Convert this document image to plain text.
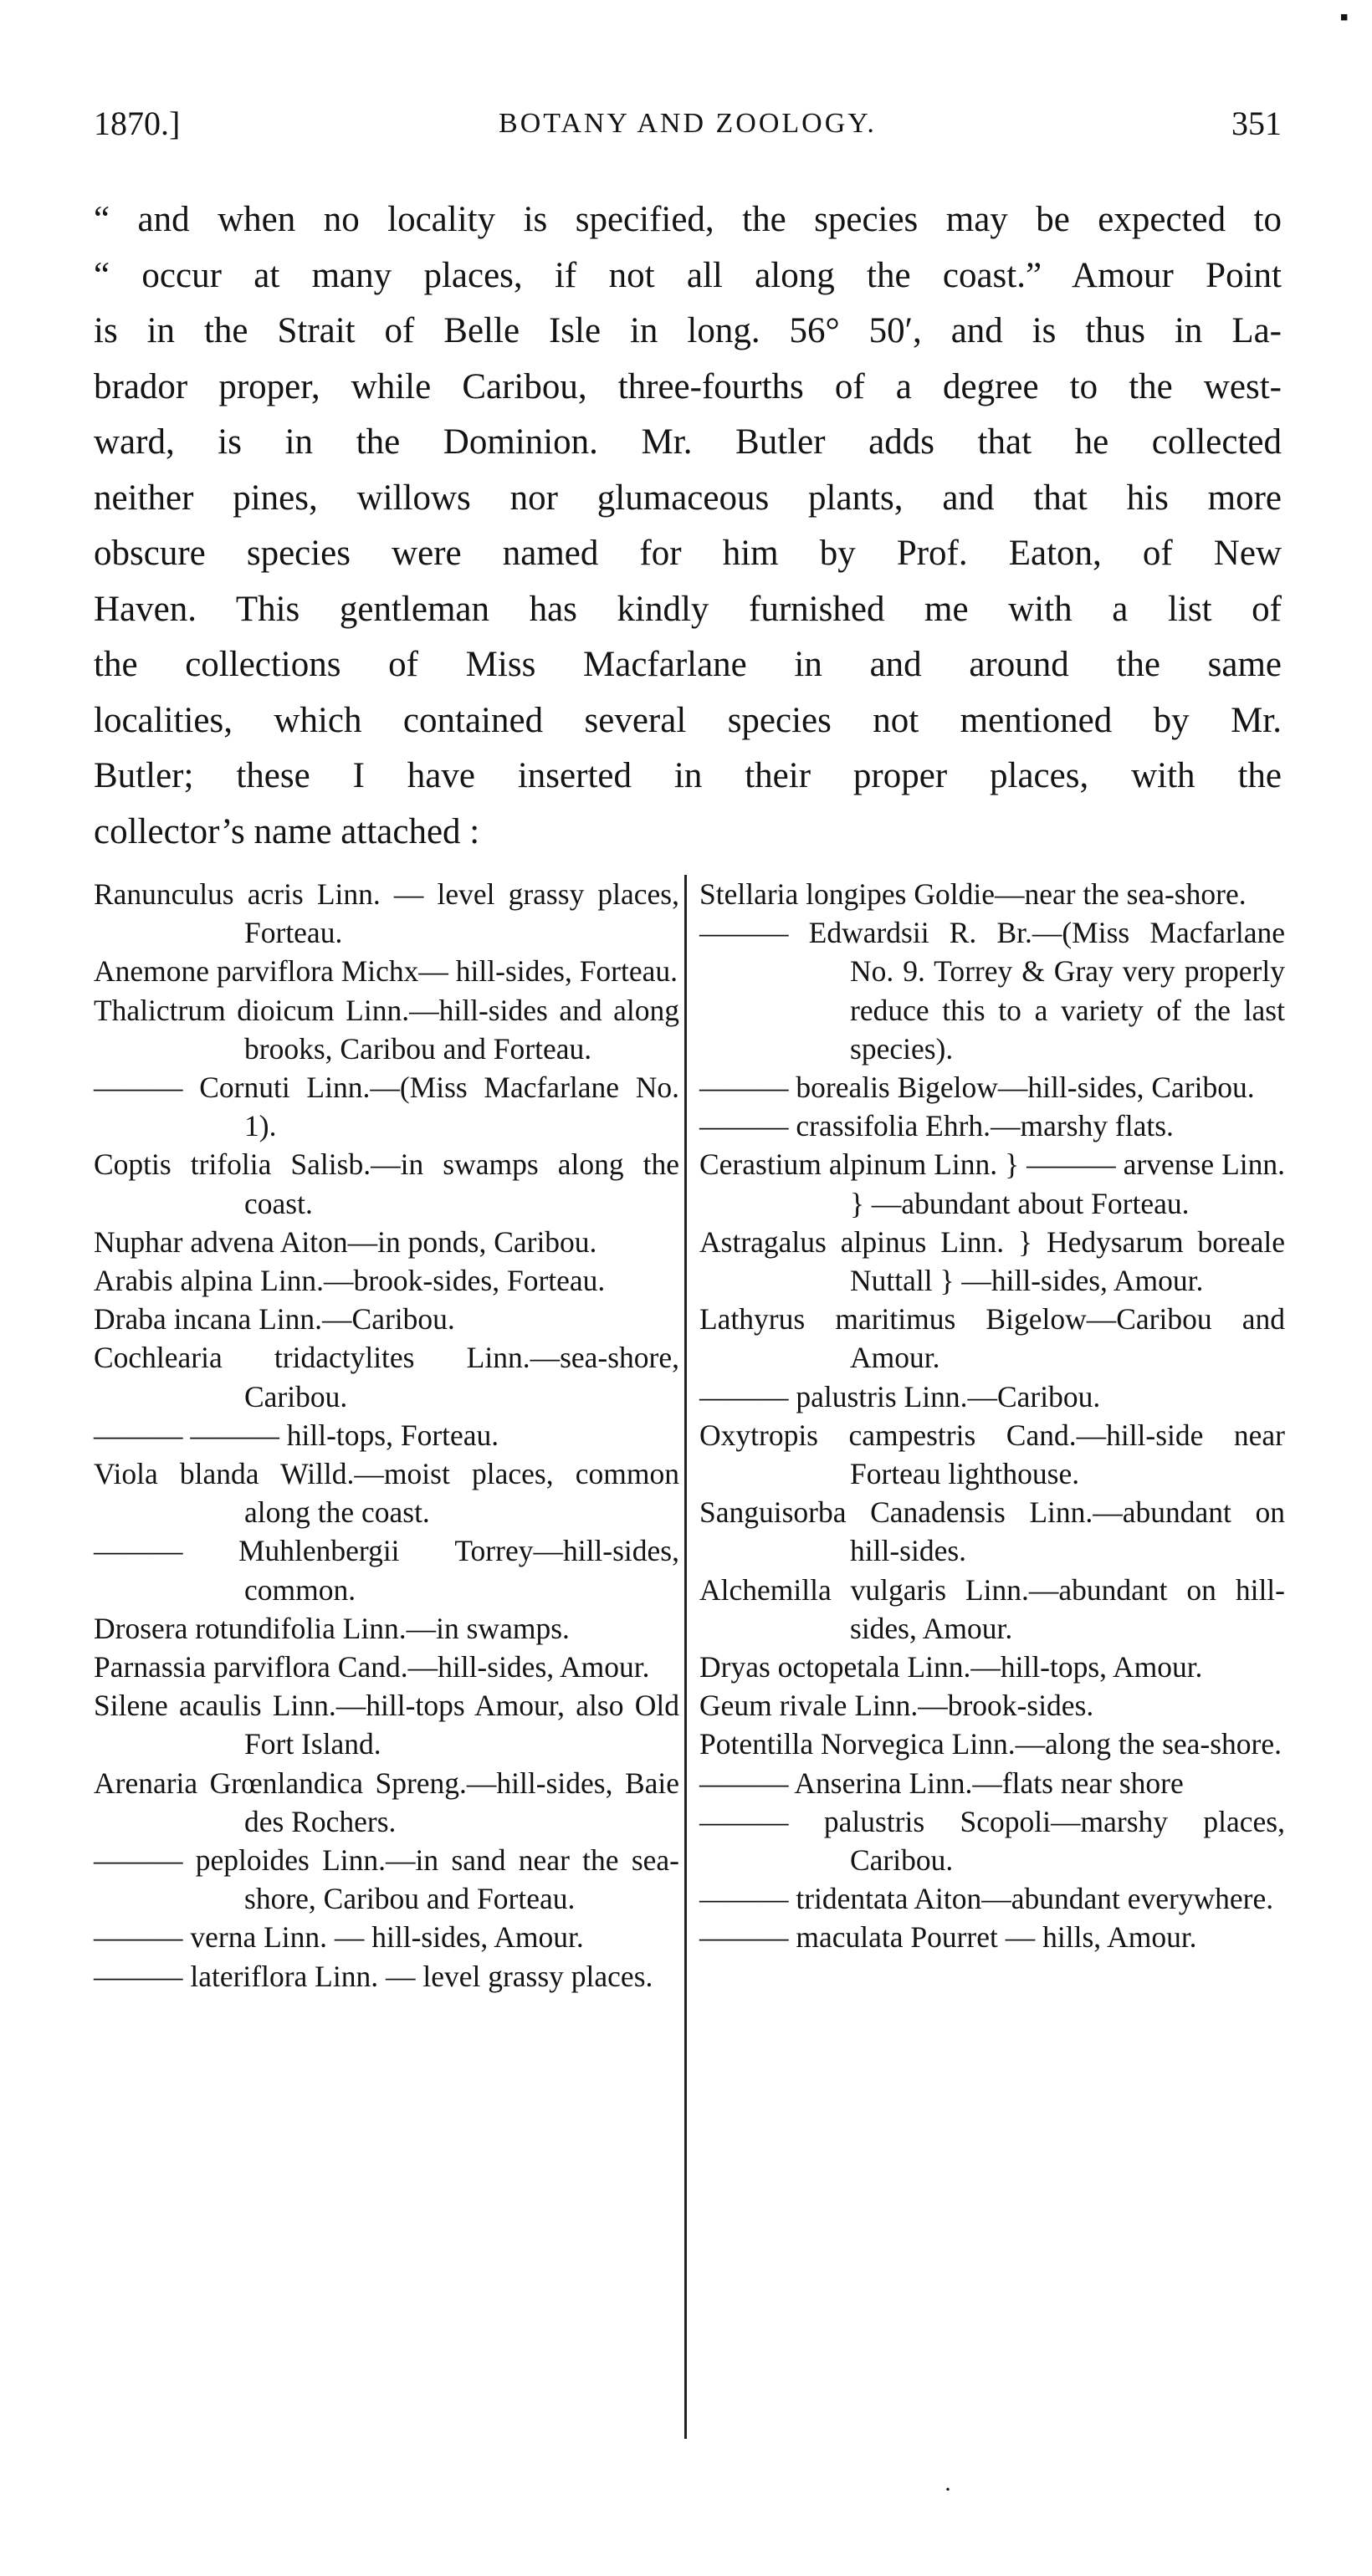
▪
1870.]	BOTANY AND ZOOLOGY.	351
“ and when no locality is specified, the species may be expected to
“ occur at many places, if not all along the coast.” Amour Point
is in the Strait of Belle Isle in long. 56° 50′, and is thus in La-
brador proper, while Caribou, three-fourths of a degree to the west-
ward, is in the Dominion. Mr. Butler adds that he collected
neither pines, willows nor glumaceous plants, and that his more
obscure species were named for him by Prof. Eaton, of New
Haven. This gentleman has kindly furnished me with a list of
the collections of Miss Macfarlane in and around the same
localities, which contained several species not mentioned by Mr.
Butler; these I have inserted in their proper places, with the
collector’s name attached :

Ranunculus acris Linn. — level grassy places, Forteau.

Anemone parviflora Michx— hill-sides, Forteau.

Thalictrum dioicum Linn.—hill-sides and along brooks, Caribou and Forteau.

——— Cornuti Linn.—(Miss Macfarlane No. 1).

Coptis trifolia Salisb.—in swamps along the coast.

Nuphar advena Aiton—in ponds, Caribou.

Arabis alpina Linn.—brook-sides, Forteau.

Draba incana Linn.—Caribou.

Cochlearia tridactylites Linn.—sea-shore, Caribou.

——— ——— hill-tops, Forteau.

Viola blanda Willd.—moist places, common along the coast.

——— Muhlenbergii Torrey—hill-sides, common.

Drosera rotundifolia Linn.—in swamps.

Parnassia parviflora Cand.—hill-sides, Amour.

Silene acaulis Linn.—hill-tops Amour, also Old Fort Island.

Arenaria Grœnlandica Spreng.—hill-sides, Baie des Rochers.

——— peploides Linn.—in sand near the sea-shore, Caribou and Forteau.

——— verna Linn. — hill-sides, Amour.

——— lateriflora Linn. — level grassy places.

Stellaria longipes Goldie—near the sea-shore.

——— Edwardsii R. Br.—(Miss Macfarlane No. 9. Torrey & Gray very properly reduce this to a variety of the last species).

——— borealis Bigelow—hill-sides, Caribou.

——— crassifolia Ehrh.—marshy flats.

Cerastium alpinum Linn. } ——— arvense Linn. } —abundant about Forteau.

Astragalus alpinus Linn. } Hedysarum boreale Nuttall } —hill-sides, Amour.

Lathyrus maritimus Bigelow—Caribou and Amour.

——— palustris Linn.—Caribou.

Oxytropis campestris Cand.—hill-side near Forteau lighthouse.

Sanguisorba Canadensis Linn.—abundant on hill-sides.

Alchemilla vulgaris Linn.—abundant on hill-sides, Amour.

Dryas octopetala Linn.—hill-tops, Amour.

Geum rivale Linn.—brook-sides.

Potentilla Norvegica Linn.—along the sea-shore.

——— Anserina Linn.—flats near shore

——— palustris Scopoli—marshy places, Caribou.

——— tridentata Aiton—abundant everywhere.

——— maculata Pourret — hills, Amour.

·
